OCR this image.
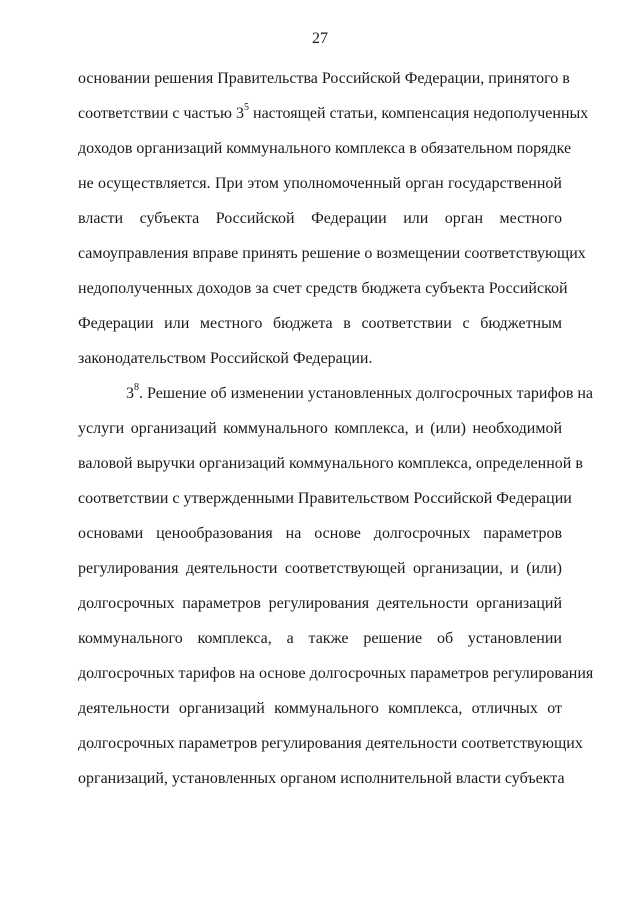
27
основании решения Правительства Российской Федерации, принятого в
соответствии с частью $3^5$ настоящей статьи, компенсация недополученных
доходов организаций коммунального комплекса в обязательном порядке
не осуществляется. При этом уполномоченный орган государственной
власти субъекта Российской Федерации или орган местного
самоуправления вправе принять решение о возмещении соответствующих
недополученных доходов за счет средств бюджета субъекта Российской
Федерации или местного бюджета в соответствии с бюджетным
законодательством Российской Федерации.
$3^8$. Решение об изменении установленных долгосрочных тарифов на
услуги организаций коммунального комплекса, и (или) необходимой
валовой выручки организаций коммунального комплекса, определенной в
соответствии с утвержденными Правительством Российской Федерации
основами ценообразования на основе долгосрочных параметров
регулирования деятельности соответствующей организации, и (или)
долгосрочных параметров регулирования деятельности организаций
коммунального комплекса, а также решение об установлении
долгосрочных тарифов на основе долгосрочных параметров регулирования
деятельности организаций коммунального комплекса, отличных от
долгосрочных параметров регулирования деятельности соответствующих
организаций, установленных органом исполнительной власти субъекта
